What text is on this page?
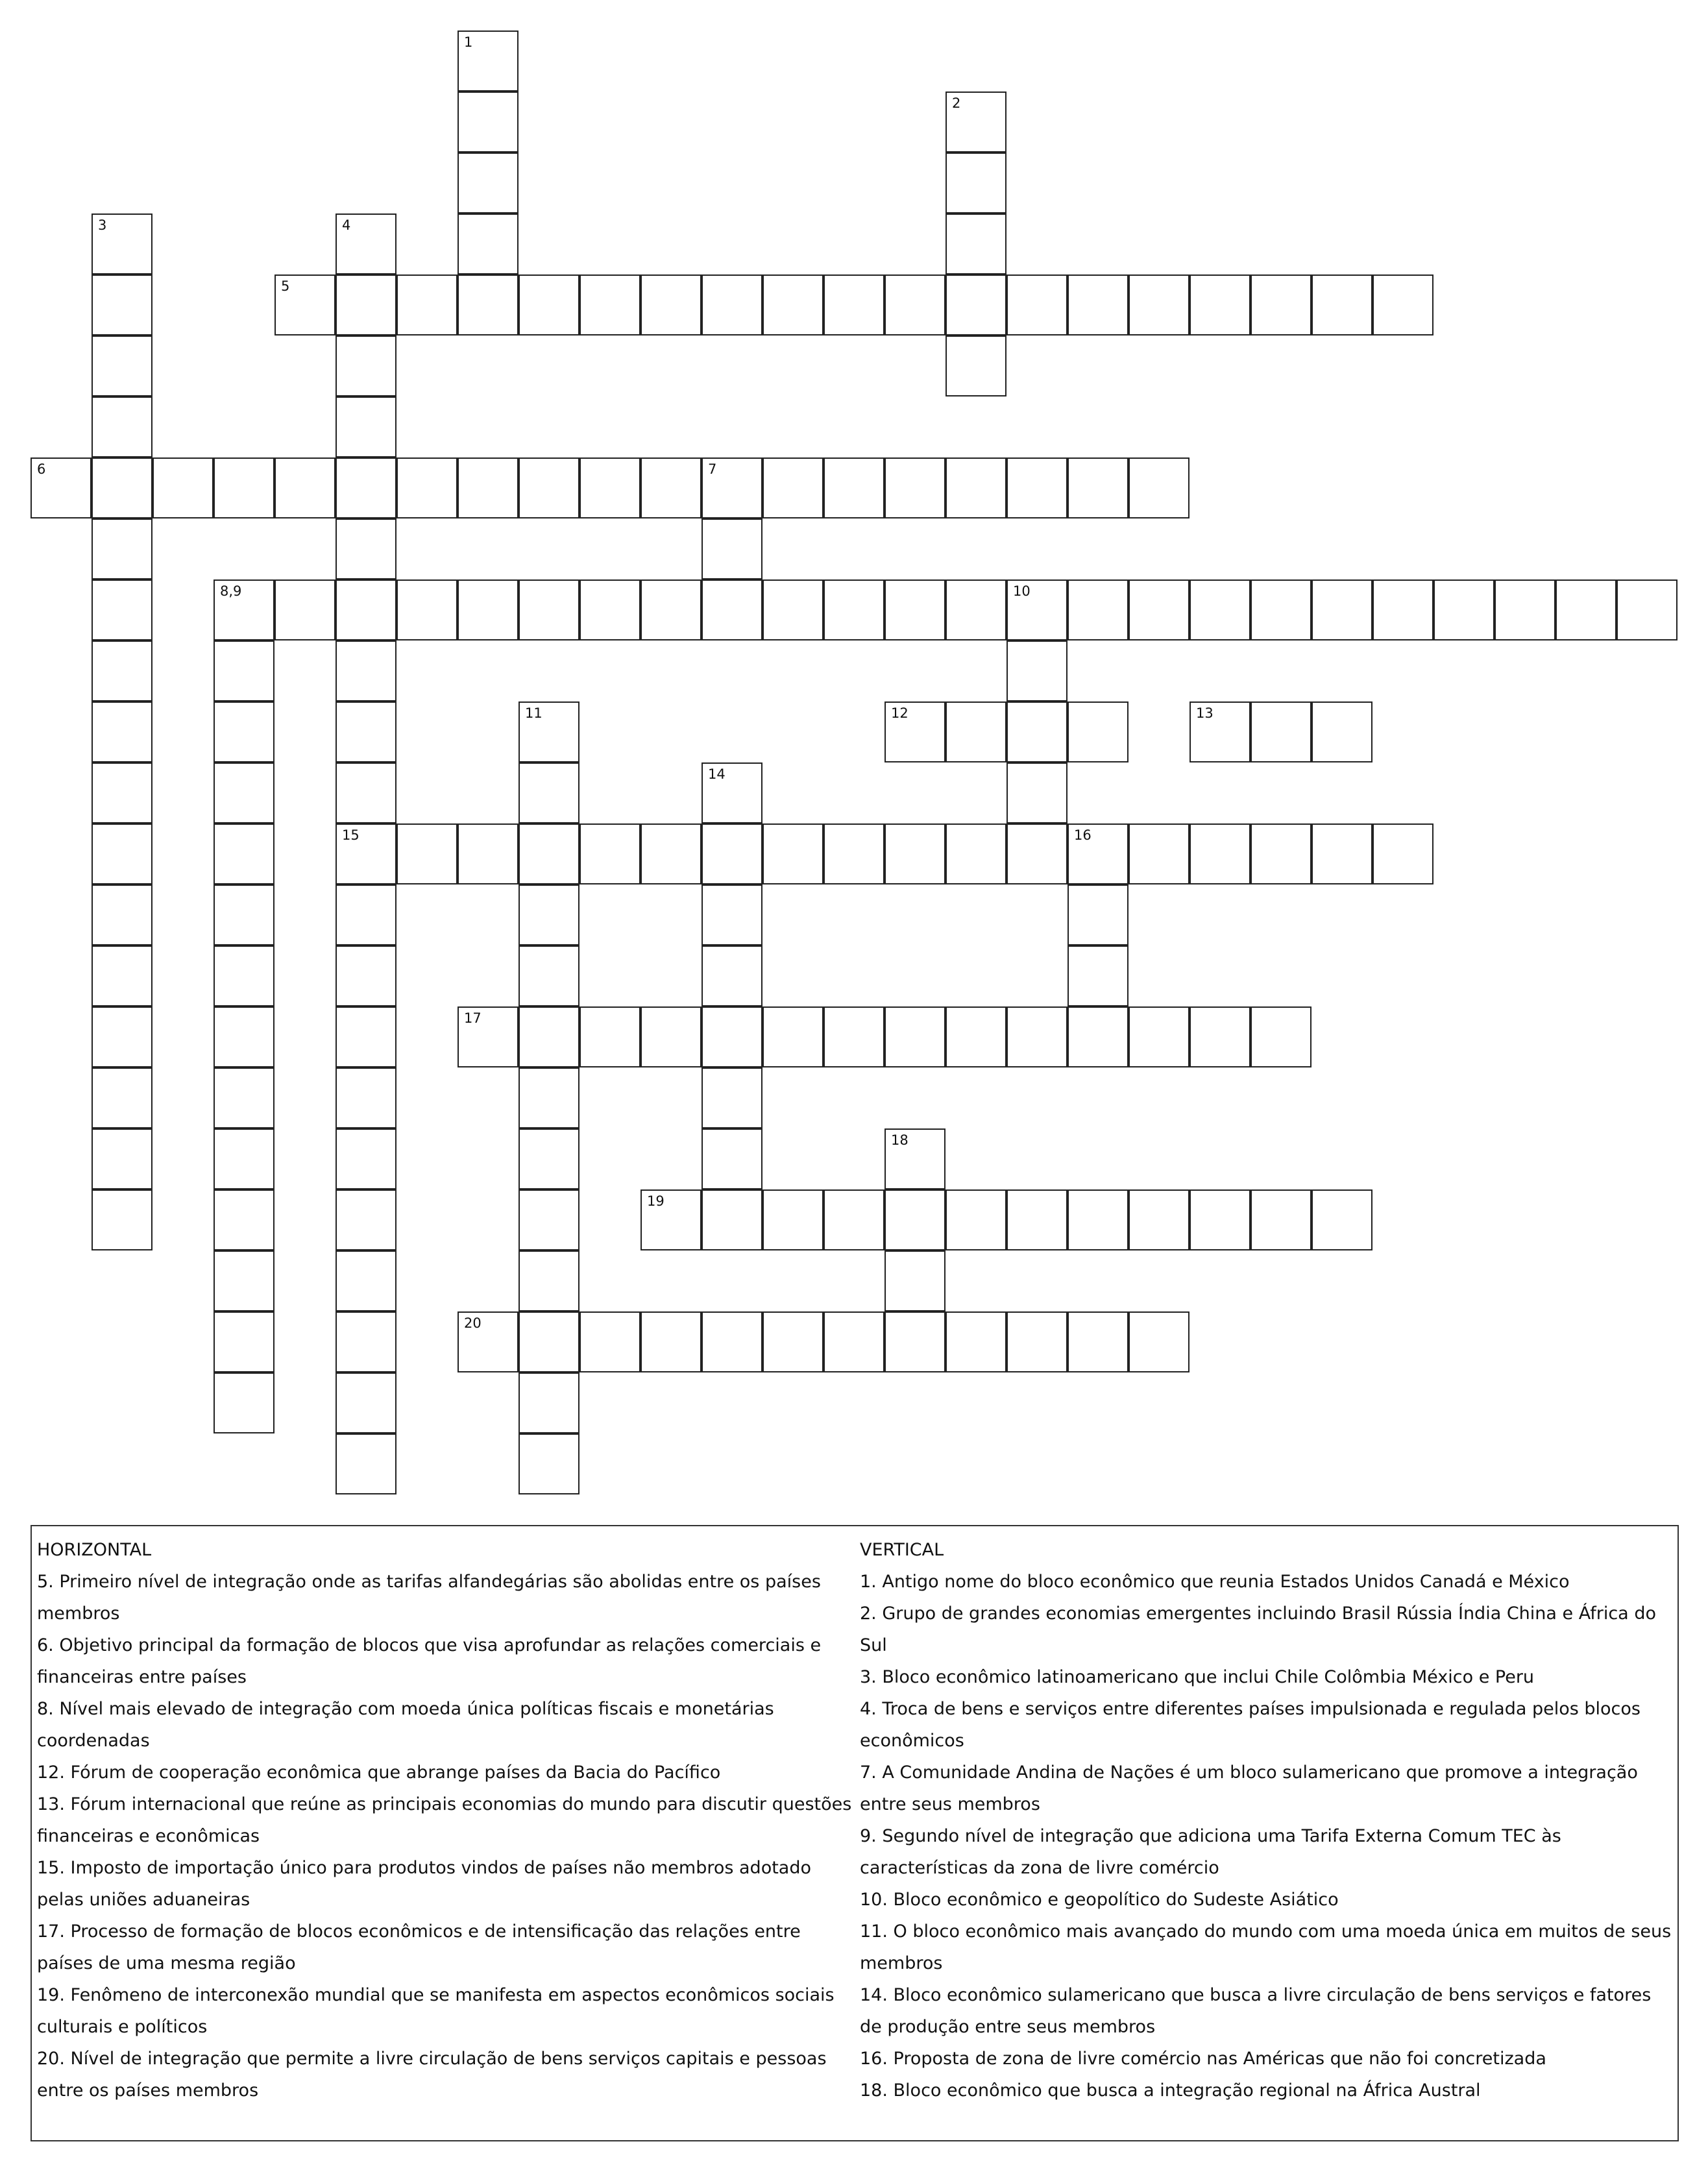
1
2
3	4
15
5
6	7
8,9	10
11	12	13
14
16
17
18
19
20
HORIZONTAL
5. Primeiro nível de integração onde as tarifas alfandegárias são abolidas entre os países membros
6. Objetivo principal da formação de blocos que visa aprofundar as relações comerciais e financeiras entre países
8. Nível mais elevado de integração com moeda única políticas fiscais e monetárias coordenadas
12. Fórum de cooperação econômica que abrange países da Bacia do Pacífico
13. Fórum internacional que reúne as principais economias do mundo para discutir questões financeiras e econômicas
15. Imposto de importação único para produtos vindos de países não membros adotado pelas uniões aduaneiras
17. Processo de formação de blocos econômicos e de intensificação das relações entre países de uma mesma região
19. Fenômeno de interconexão mundial que se manifesta em aspectos econômicos sociais culturais e políticos
20. Nível de integração que permite a livre circulação de bens serviços capitais e pessoas entre os países membros
VERTICAL
1. Antigo nome do bloco econômico que reunia Estados Unidos Canadá e México
2. Grupo de grandes economias emergentes incluindo Brasil Rússia Índia China e África do Sul
3. Bloco econômico latinoamericano que inclui Chile Colômbia México e Peru
4. Troca de bens e serviços entre diferentes países impulsionada e regulada pelos blocos econômicos
7. A Comunidade Andina de Nações é um bloco sulamericano que promove a integração entre seus membros
9. Segundo nível de integração que adiciona uma Tarifa Externa Comum TEC às características da zona de livre comércio
10. Bloco econômico e geopolítico do Sudeste Asiático
11. O bloco econômico mais avançado do mundo com uma moeda única em muitos de seus membros
14. Bloco econômico sulamericano que busca a livre circulação de bens serviços e fatores de produção entre seus membros
16. Proposta de zona de livre comércio nas Américas que não foi concretizada
18. Bloco econômico que busca a integração regional na África Austral
